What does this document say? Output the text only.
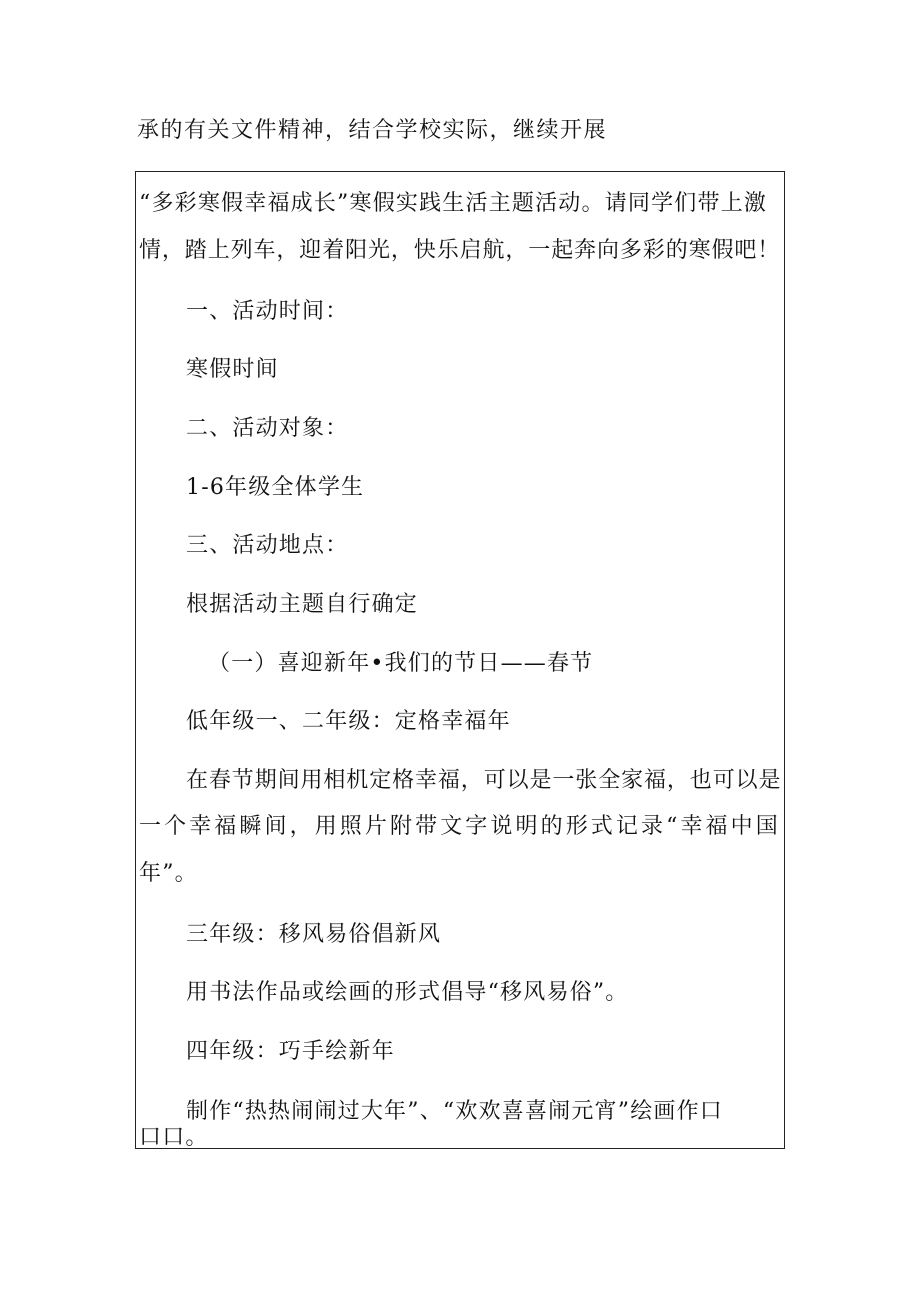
承的有关文件精神，结合学校实际，继续开展
“多彩寒假幸福成长”寒假实践生活主题活动。请同学们带上激
情，踏上列车，迎着阳光，快乐启航，一起奔向多彩的寒假吧！
一、活动时间：
寒假时间
二、活动对象：
1-6年级全体学生
三、活动地点：
根据活动主题自行确定
（一）喜迎新年•我们的节日——春节
低年级一、二年级：定格幸福年
在春节期间用相机定格幸福，可以是一张全家福，也可以是
一个幸福瞬间，用照片附带文字说明的形式记录“幸福中国
年”。
三年级：移风易俗倡新风
用书法作品或绘画的形式倡导“移风易俗”。
四年级：巧手绘新年
制作“热热闹闹过大年”、“欢欢喜喜闹元宵”绘画作口
口口。
